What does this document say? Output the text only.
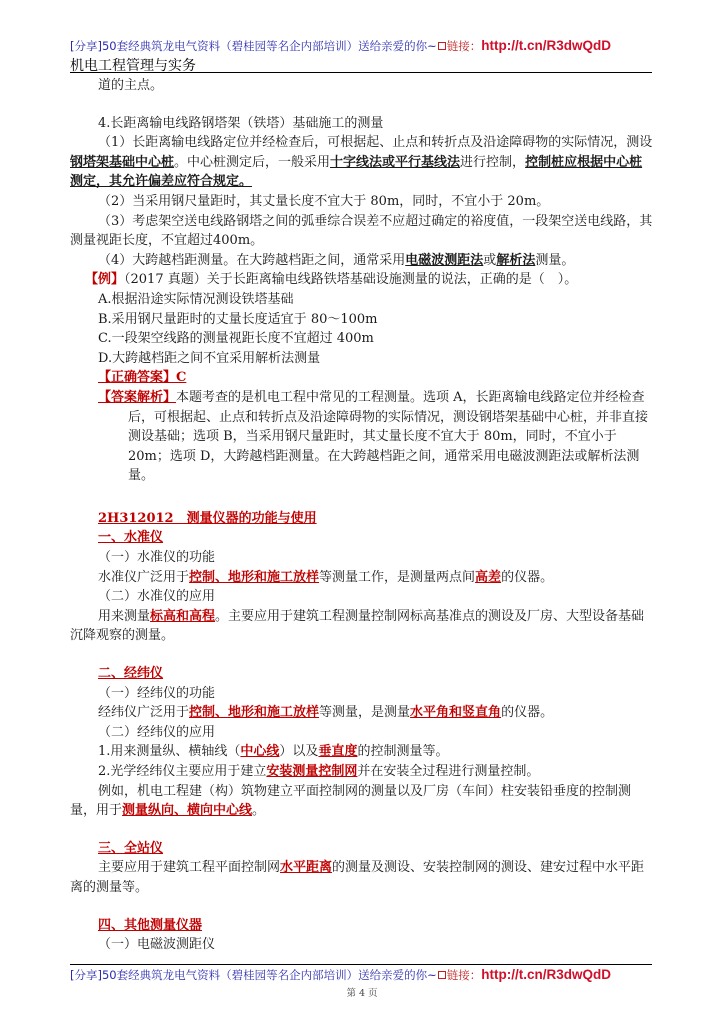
[分享]50套经典筑龙电气资料（碧桂园等名企内部培训）送给亲爱的你~ 链接：http://t.cn/R3dwQdD
机电工程管理与实务

道的主点。

4.长距离输电线路钢塔架（铁塔）基础施工的测量

（1）长距离输电线路定位并经检查后，可根据起、止点和转折点及沿途障碍物的实际情况，测设钢塔架基础中心桩。中心桩测定后，一般采用十字线法或平行基线法进行控制，控制桩应根据中心桩测定，其允许偏差应符合规定。

（2）当采用钢尺量距时，其丈量长度不宜大于 80m，同时，不宜小于 20m。

（3）考虑架空送电线路钢塔之间的弧垂综合误差不应超过确定的裕度值，一段架空送电线路，其测量视距长度，不宜超过400m。

（4）大跨越档距测量。在大跨越档距之间，通常采用电磁波测距法或解析法测量。

【例】（2017 真题）关于长距离输电线路铁塔基础设施测量的说法，正确的是（　）。

A.根据沿途实际情况测设铁塔基础

B.采用钢尺量距时的丈量长度适宜于 80～100m

C.一段架空线路的测量视距长度不宜超过 400m

D.大跨越档距之间不宜采用解析法测量

【正确答案】C

【答案解析】本题考查的是机电工程中常见的工程测量。选项 A，长距离输电线路定位并经检查后，可根据起、止点和转折点及沿途障碍物的实际情况，测设钢塔架基础中心桩，并非直接测设基础；选项 B，当采用钢尺量距时，其丈量长度不宜大于 80m，同时，不宜小于 20m；选项 D，大跨越档距测量。在大跨越档距之间，通常采用电磁波测距法或解析法测量。

2H312012　测量仪器的功能与使用

一、水准仪

（一）水准仪的功能

水准仪广泛用于控制、地形和施工放样等测量工作，是测量两点间高差的仪器。

（二）水准仪的应用

用来测量标高和高程。主要应用于建筑工程测量控制网标高基准点的测设及厂房、大型设备基础沉降观察的测量。

二、经纬仪

（一）经纬仪的功能

经纬仪广泛用于控制、地形和施工放样等测量，是测量水平角和竖直角的仪器。

（二）经纬仪的应用

1.用来测量纵、横轴线（中心线）以及垂直度的控制测量等。

2.光学经纬仪主要应用于建立安装测量控制网并在安装全过程进行测量控制。

例如，机电工程建（构）筑物建立平面控制网的测量以及厂房（车间）柱安装铅垂度的控制测量，用于测量纵向、横向中心线。

三、全站仪

主要应用于建筑工程平面控制网水平距离的测量及测设、安装控制网的测设、建安过程中水平距离的测量等。

四、其他测量仪器

（一）电磁波测距仪

[分享]50套经典筑龙电气资料（碧桂园等名企内部培训）送给亲爱的你~ 链接：http://t.cn/R3dwQdD
第 4 页
